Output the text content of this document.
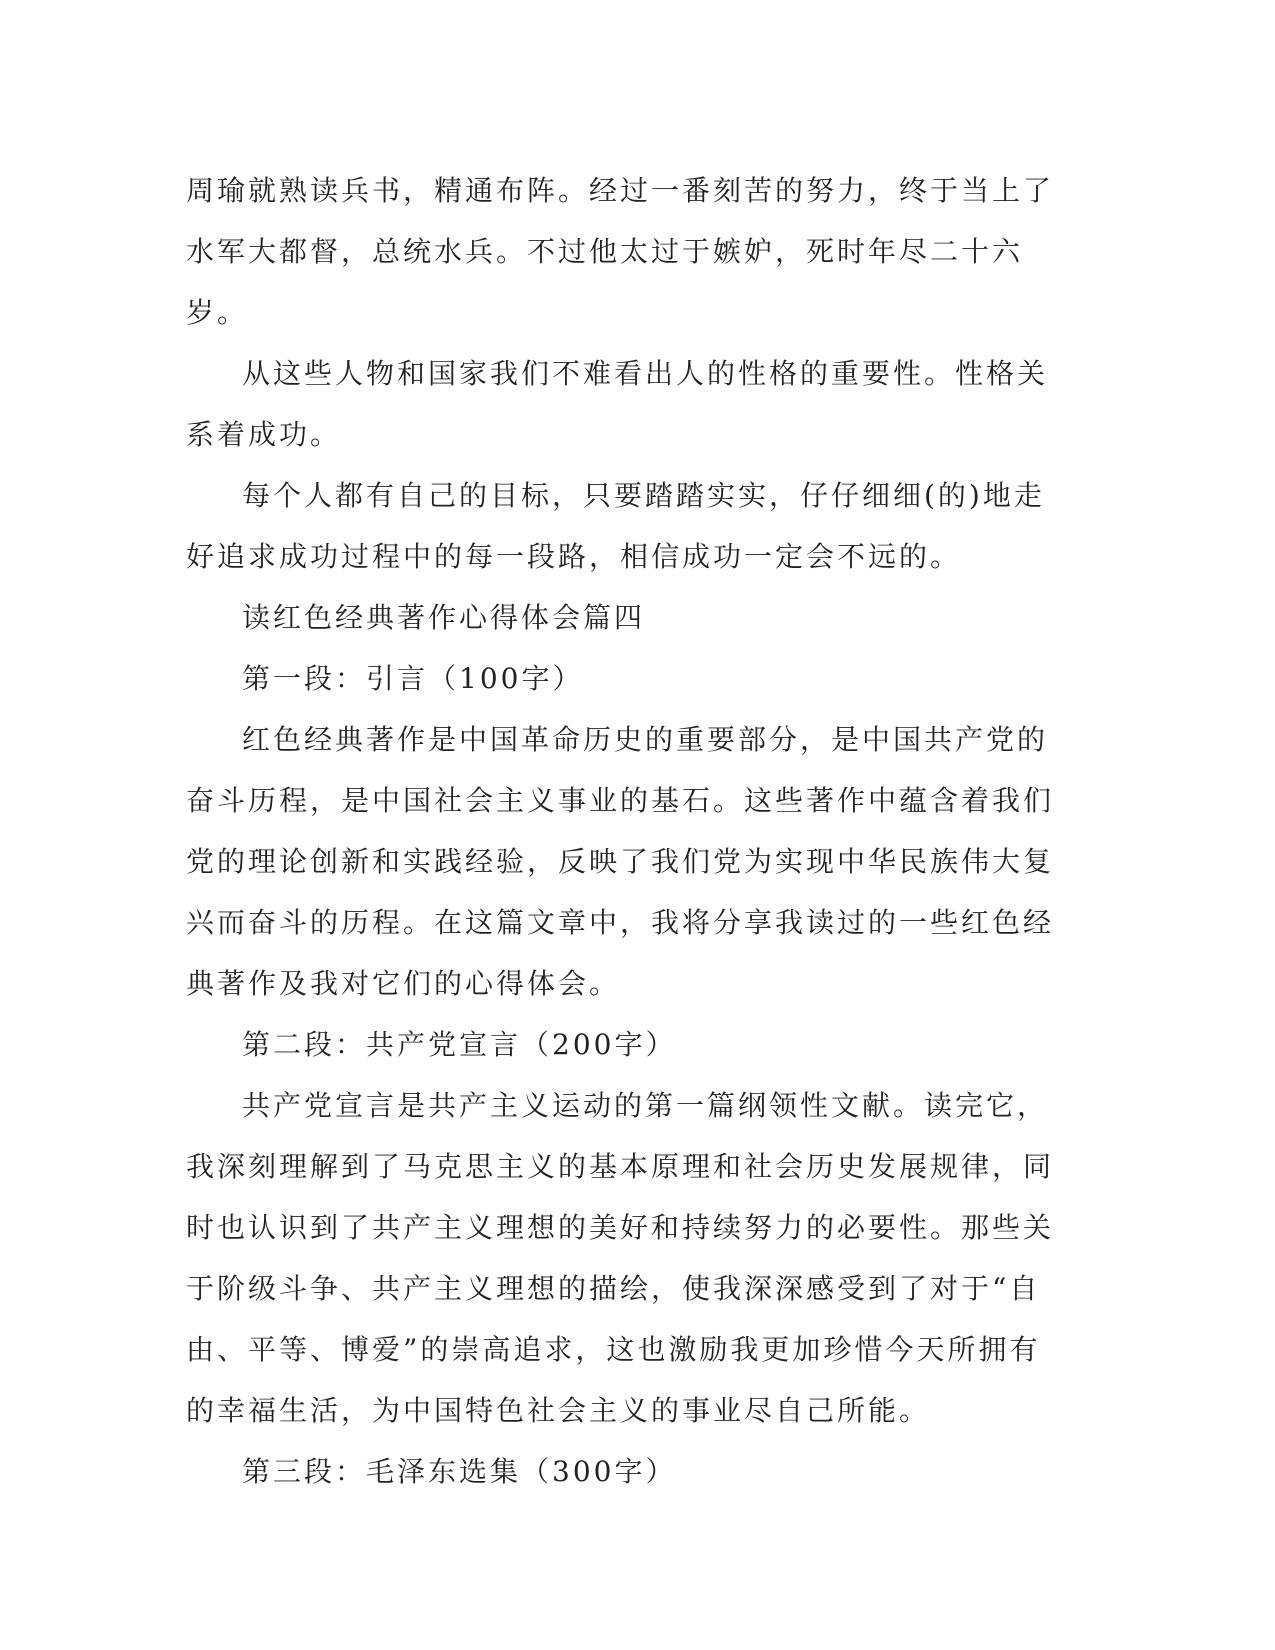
周瑜就熟读兵书，精通布阵。经过一番刻苦的努力，终于当上了水军大都督，总统水兵。不过他太过于嫉妒，死时年尽二十六岁。

从这些人物和国家我们不难看出人的性格的重要性。性格关系着成功。

每个人都有自己的目标，只要踏踏实实，仔仔细细(的)地走好追求成功过程中的每一段路，相信成功一定会不远的。

读红色经典著作心得体会篇四

第一段：引言（100字）

红色经典著作是中国革命历史的重要部分，是中国共产党的奋斗历程，是中国社会主义事业的基石。这些著作中蕴含着我们党的理论创新和实践经验，反映了我们党为实现中华民族伟大复兴而奋斗的历程。在这篇文章中，我将分享我读过的一些红色经典著作及我对它们的心得体会。

第二段：共产党宣言（200字）

共产党宣言是共产主义运动的第一篇纲领性文献。读完它，我深刻理解到了马克思主义的基本原理和社会历史发展规律，同时也认识到了共产主义理想的美好和持续努力的必要性。那些关于阶级斗争、共产主义理想的描绘，使我深深感受到了对于“自由、平等、博爱”的崇高追求，这也激励我更加珍惜今天所拥有的幸福生活，为中国特色社会主义的事业尽自己所能。

第三段：毛泽东选集（300字）
